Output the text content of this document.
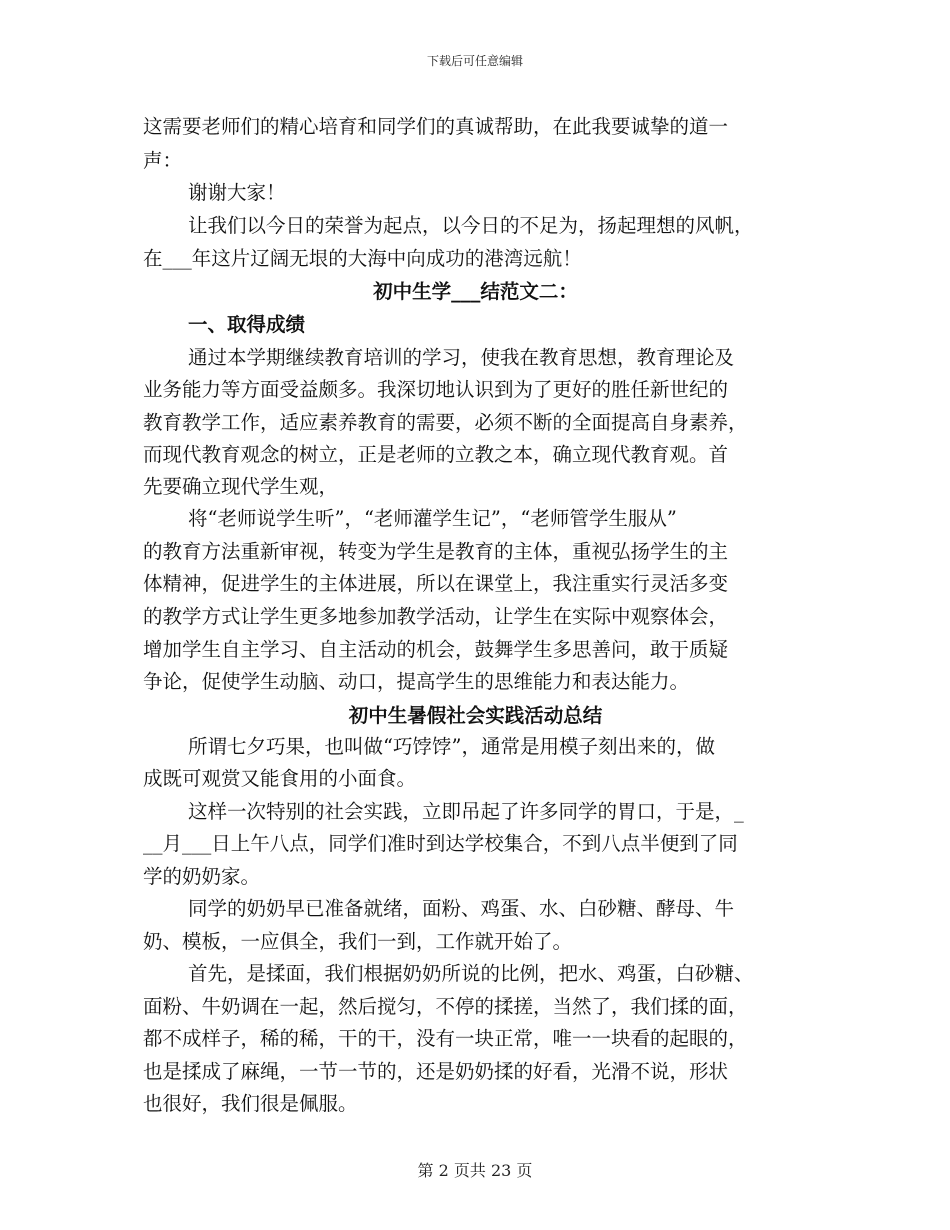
下载后可任意编辑
这需要老师们的精心培育和同学们的真诚帮助，在此我要诚挚的道一
声：
谢谢大家！
让我们以今日的荣誉为起点，以今日的不足为，扬起理想的风帆，
在___年这片辽阔无垠的大海中向成功的港湾远航！
初中生学___结范文二：
一、取得成绩
通过本学期继续教育培训的学习，使我在教育思想，教育理论及
业务能力等方面受益颇多。我深切地认识到为了更好的胜任新世纪的
教育教学工作，适应素养教育的需要，必须不断的全面提高自身素养，
而现代教育观念的树立，正是老师的立教之本，确立现代教育观。首
先要确立现代学生观，
将“老师说学生听”，“老师灌学生记”，“老师管学生服从”
的教育方法重新审视，转变为学生是教育的主体，重视弘扬学生的主
体精神，促进学生的主体进展，所以在课堂上，我注重实行灵活多变
的教学方式让学生更多地参加教学活动，让学生在实际中观察体会，
增加学生自主学习、自主活动的机会，鼓舞学生多思善问，敢于质疑
争论，促使学生动脑、动口，提高学生的思维能力和表达能力。
初中生暑假社会实践活动总结
所谓七夕巧果，也叫做“巧饽饽”，通常是用模子刻出来的，做
成既可观赏又能食用的小面食。
这样一次特别的社会实践，立即吊起了许多同学的胃口，于是，_
__月___日上午八点，同学们准时到达学校集合，不到八点半便到了同
学的奶奶家。
同学的奶奶早已准备就绪，面粉、鸡蛋、水、白砂糖、酵母、牛
奶、模板，一应俱全，我们一到，工作就开始了。
首先，是揉面，我们根据奶奶所说的比例，把水、鸡蛋，白砂糖、
面粉、牛奶调在一起，然后搅匀，不停的揉搓，当然了，我们揉的面，
都不成样子，稀的稀，干的干，没有一块正常，唯一一块看的起眼的，
也是揉成了麻绳，一节一节的，还是奶奶揉的好看，光滑不说，形状
也很好，我们很是佩服。
第 2 页共 23 页
